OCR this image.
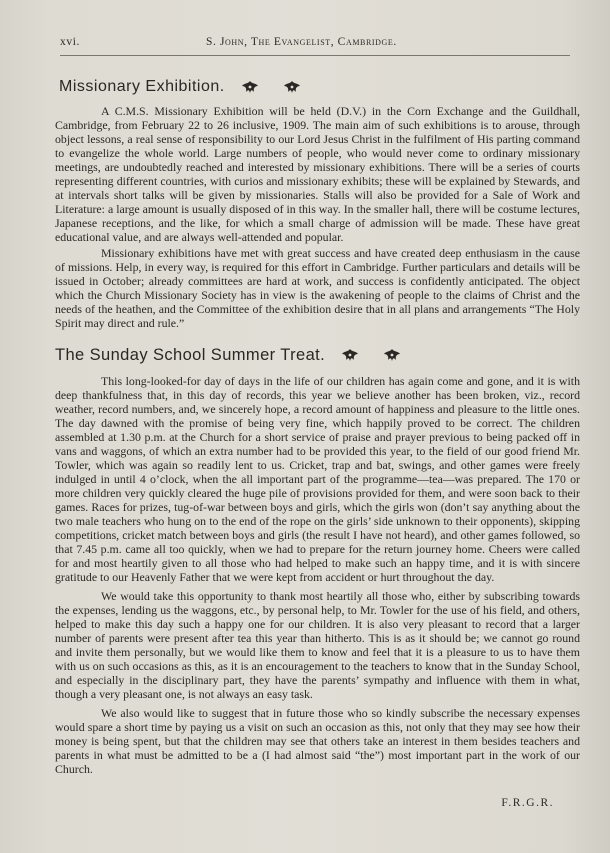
xvi.	S. John, The Evangelist, Cambridge.
Missionary Exhibition.

A C.M.S. Missionary Exhibition will be held (D.V.) in the Corn Exchange and the Guildhall, Cambridge, from February 22 to 26 inclusive, 1909. The main aim of such exhibitions is to arouse, through object lessons, a real sense of responsibility to our Lord Jesus Christ in the fulfilment of His parting command to evangelize the whole world. Large numbers of people, who would never come to ordinary missionary meetings, are undoubtedly reached and interested by missionary exhibitions. There will be a series of courts representing different countries, with curios and missionary exhibits; these will be explained by Stewards, and at intervals short talks will be given by missionaries. Stalls will also be provided for a Sale of Work and Literature: a large amount is usually disposed of in this way. In the smaller hall, there will be costume lectures, Japanese receptions, and the like, for which a small charge of admission will be made. These have great educational value, and are always well-attended and popular.

Missionary exhibitions have met with great success and have created deep enthusiasm in the cause of missions. Help, in every way, is required for this effort in Cambridge. Further particulars and details will be issued in October; already committees are hard at work, and success is confidently anticipated. The object which the Church Missionary Society has in view is the awakening of people to the claims of Christ and the needs of the heathen, and the Committee of the exhibition desire that in all plans and arrangements “The Holy Spirit may direct and rule.”

The Sunday School Summer Treat.

This long-looked-for day of days in the life of our children has again come and gone, and it is with deep thankfulness that, in this day of records, this year we believe another has been broken, viz., record weather, record numbers, and, we sincerely hope, a record amount of happiness and pleasure to the little ones. The day dawned with the promise of being very fine, which happily proved to be correct. The children assembled at 1.30 p.m. at the Church for a short service of praise and prayer previous to being packed off in vans and waggons, of which an extra number had to be provided this year, to the field of our good friend Mr. Towler, which was again so readily lent to us. Cricket, trap and bat, swings, and other games were freely indulged in until 4 o’clock, when the all important part of the programme—tea—was prepared. The 170 or more children very quickly cleared the huge pile of provisions provided for them, and were soon back to their games. Races for prizes, tug-of-war between boys and girls, which the girls won (don’t say anything about the two male teachers who hung on to the end of the rope on the girls’ side unknown to their opponents), skipping competitions, cricket match between boys and girls (the result I have not heard), and other games followed, so that 7.45 p.m. came all too quickly, when we had to prepare for the return journey home. Cheers were called for and most heartily given to all those who had helped to make such an happy time, and it is with sincere gratitude to our Heavenly Father that we were kept from accident or hurt throughout the day.

We would take this opportunity to thank most heartily all those who, either by subscribing towards the expenses, lending us the waggons, etc., by personal help, to Mr. Towler for the use of his field, and others, helped to make this day such a happy one for our children. It is also very pleasant to record that a larger number of parents were present after tea this year than hitherto. This is as it should be; we cannot go round and invite them personally, but we would like them to know and feel that it is a pleasure to us to have them with us on such occasions as this, as it is an encouragement to the teachers to know that in the Sunday School, and especially in the disciplinary part, they have the parents’ sympathy and influence with them in what, though a very pleasant one, is not always an easy task.

We also would like to suggest that in future those who so kindly subscribe the necessary expenses would spare a short time by paying us a visit on such an occasion as this, not only that they may see how their money is being spent, but that the children may see that others take an interest in them besides teachers and parents in what must be admitted to be a (I had almost said “the”) most important part in the work of our Church.

F.R.G.R.
